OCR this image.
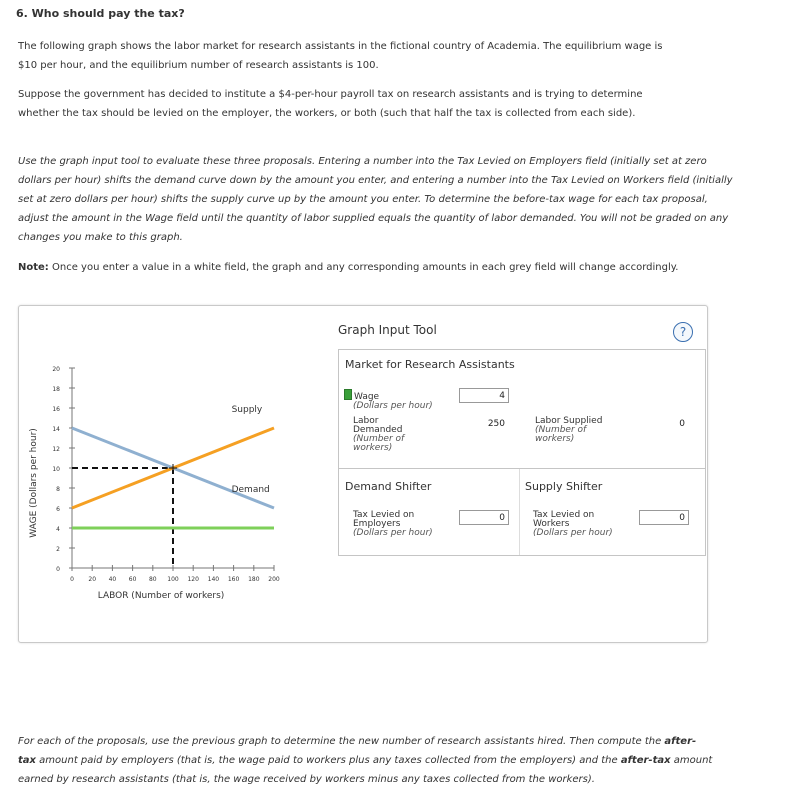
6. Who should pay the tax?
The following graph shows the labor market for research assistants in the fictional country of Academia. The equilibrium wage is
$10 per hour, and the equilibrium number of research assistants is 100.
Suppose the government has decided to institute a $4-per-hour payroll tax on research assistants and is trying to determine
whether the tax should be levied on the employer, the workers, or both (such that half the tax is collected from each side).
Use the graph input tool to evaluate these three proposals. Entering a number into the Tax Levied on Employers field (initially set at zero
dollars per hour) shifts the demand curve down by the amount you enter, and entering a number into the Tax Levied on Workers field (initially
set at zero dollars per hour) shifts the supply curve up by the amount you enter. To determine the before-tax wage for each tax proposal,
adjust the amount in the Wage field until the quantity of labor supplied equals the quantity of labor demanded. You will not be graded on any
changes you make to this graph.
Note: Once you enter a value in a white field, the graph and any corresponding amounts in each grey field will change accordingly.
WAGE (Dollars per hour)
LABOR (Number of workers)
0
2
4
6
8
10
12
14
16
18
20
0 20 40 60 80 100 120 140 160 180 200
Supply
Demand
Graph Input Tool	?
Market for Research Assistants
Wage
(Dollars per hour)
4
Labor
Demanded
(Number of
workers)
250	Labor Supplied
(Number of
workers)
0
Demand Shifter
Tax Levied on
Employers
(Dollars per hour)
0
Supply Shifter
Tax Levied on
Workers
(Dollars per hour)
0
For each of the proposals, use the previous graph to determine the new number of research assistants hired. Then compute the after-
tax amount paid by employers (that is, the wage paid to workers plus any taxes collected from the employers) and the after-tax amount
earned by research assistants (that is, the wage received by workers minus any taxes collected from the workers).
